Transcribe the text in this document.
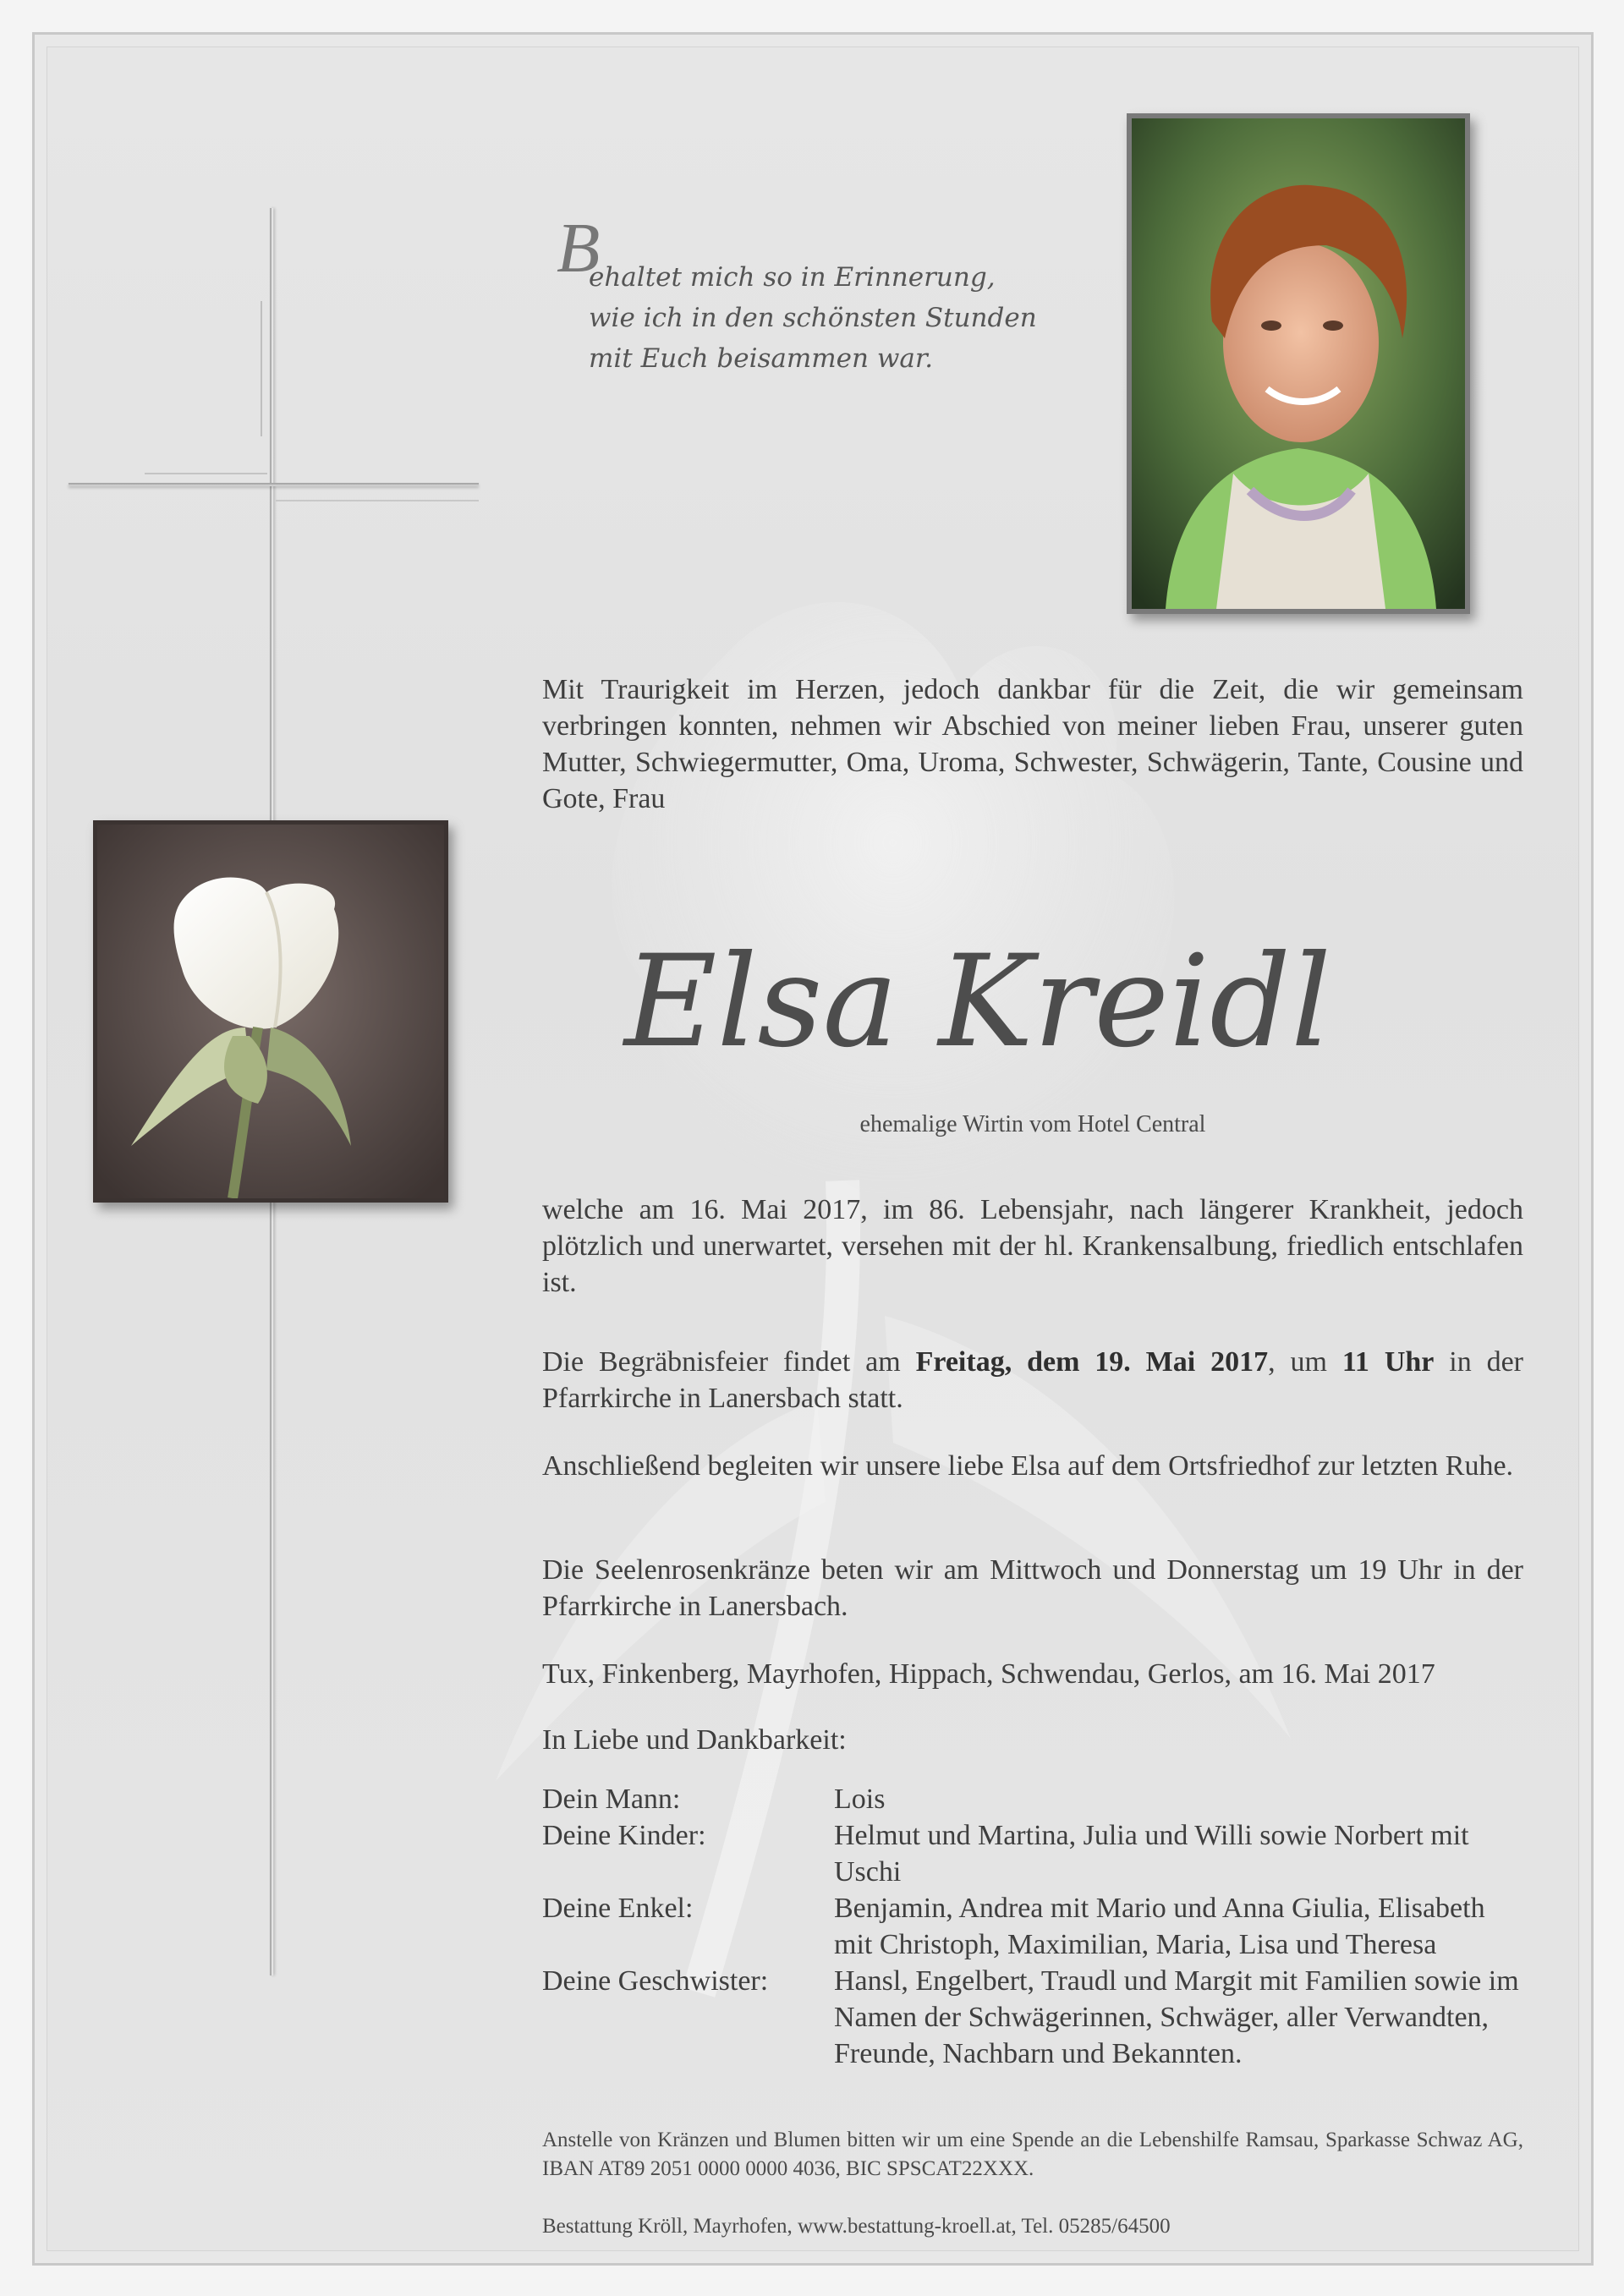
B
ehaltet mich so in Erinnerung,
wie ich in den schönsten Stunden
mit Euch beisammen war.
Mit Traurigkeit im Herzen, jedoch dankbar für die Zeit, die wir gemeinsam verbringen konnten, nehmen wir Abschied von meiner lieben Frau, unserer guten Mutter, Schwiegermutter, Oma, Uroma, Schwester, Schwägerin, Tante, Cousine und Gote, Frau
Elsa Kreidl
ehemalige Wirtin vom Hotel Central
welche am 16. Mai 2017, im 86. Lebensjahr, nach längerer Krankheit, jedoch plötzlich und unerwartet, versehen mit der hl. Krankensalbung, friedlich entschlafen ist.
Die Begräbnisfeier findet am Freitag, dem 19. Mai 2017, um 11 Uhr in der Pfarrkirche in Lanersbach statt.
Anschließend begleiten wir unsere liebe Elsa auf dem Ortsfriedhof zur letzten Ruhe.
Die Seelenrosenkränze beten wir am Mittwoch und Donnerstag um 19 Uhr in der Pfarrkirche in Lanersbach.
Tux, Finkenberg, Mayrhofen, Hippach, Schwendau, Gerlos, am 16. Mai 2017
In Liebe und Dankbarkeit:
Dein Mann:	Lois
Deine Kinder:	Helmut und Martina, Julia und Willi sowie Norbert mit Uschi
Deine Enkel:	Benjamin, Andrea mit Mario und Anna Giulia, Elisabeth mit Christoph, Maximilian, Maria, Lisa und Theresa
Deine Geschwister:	Hansl, Engelbert, Traudl und Margit mit Familien sowie im Namen der Schwägerinnen, Schwäger, aller Verwandten, Freunde, Nachbarn und Bekannten.
Anstelle von Kränzen und Blumen bitten wir um eine Spende an die Lebenshilfe Ramsau, Sparkasse Schwaz AG, IBAN AT89 2051 0000 0000 4036, BIC SPSCAT22XXX.
Bestattung Kröll, Mayrhofen, www.bestattung-kroell.at, Tel. 05285/64500
